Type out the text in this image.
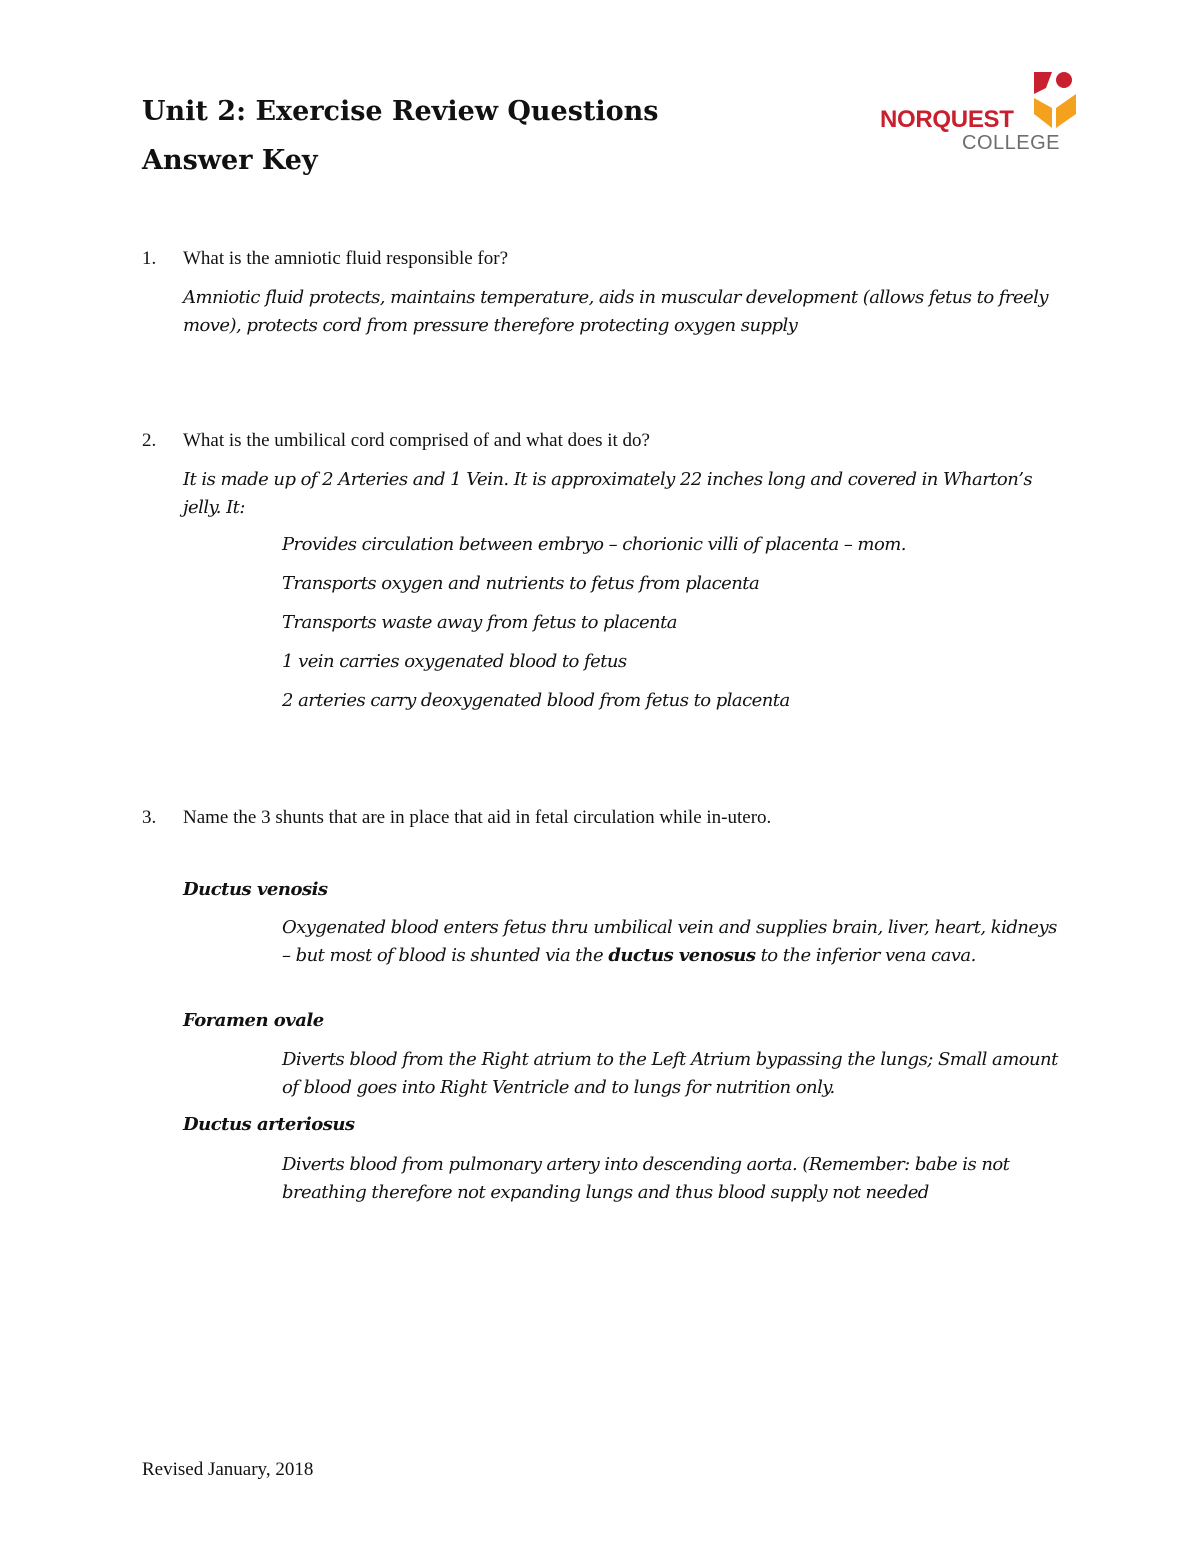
Unit 2: Exercise Review Questions
Answer Key
NORQUEST
COLLEGE
1. What is the amniotic fluid responsible for?

Amniotic fluid protects, maintains temperature, aids in muscular development (allows fetus to freely move), protects cord from pressure therefore protecting oxygen supply

2. What is the umbilical cord comprised of and what does it do?

It is made up of 2 Arteries and 1 Vein. It is approximately 22 inches long and covered in Wharton’s jelly. It:

Provides circulation between embryo – chorionic villi of placenta – mom.
Transports oxygen and nutrients to fetus from placenta
Transports waste away from fetus to placenta
1 vein carries oxygenated blood to fetus
2 arteries carry deoxygenated blood from fetus to placenta
3. Name the 3 shunts that are in place that aid in fetal circulation while in-utero.
Ductus venosis

Oxygenated blood enters fetus thru umbilical vein and supplies brain, liver, heart, kidneys – but most of blood is shunted via the ductus venosus to the inferior vena cava.

Foramen ovale

Diverts blood from the Right atrium to the Left Atrium bypassing the lungs; Small amount of blood goes into Right Ventricle and to lungs for nutrition only.

Ductus arteriosus

Diverts blood from pulmonary artery into descending aorta. (Remember: babe is not breathing therefore not expanding lungs and thus blood supply not needed

Revised January, 2018
